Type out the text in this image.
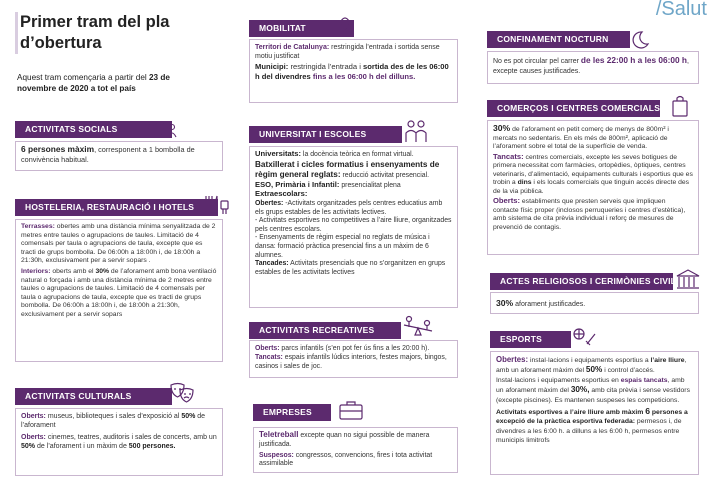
/Salut
Primer tram del pla d’obertura
Aquest tram començaria a partir del 23 de novembre de 2020 a tot el país
ACTIVITATS SOCIALS
6 persones màxim, corresponent a 1 bombolla de convivència habitual.
HOSTELERIA, RESTAURACIÓ I HOTELS
Terrasses: obertes amb una distància mínima senyalitzada de 2 metres entre taules o agrupacions de taules. Limitació de 4 comensals per taula o agrupacions de taula, excepte que es tracti de grups bombolla. De 06:00h a 18:00h i, de 18:00h a 21:30h, exclusivament per a servir sopars .
Interiors: oberts amb el 30% de l’aforament amb bona ventilació natural o forçada i amb una distància mínima de 2 metres entre taules o agrupacions de taules. Limitació de 4 comensals per taula o agrupacions de taula, excepte que es tracti de grups bombolla. De 06:00h a 18:00h i, de 18:00h a 21:30h, exclusivament per a servir sopars
ACTIVITATS CULTURALS
Oberts: museus, biblioteques i sales d’exposició al 50% de l’aforament
Oberts: cinemes, teatres, auditoris i sales de concerts, amb un 50% de l’aforament i un màxim de 500 persones.
MOBILITAT
Territori de Catalunya: restringida l’entrada i sortida sense motiu justificat
Municipi: restringida l’entrada i sortida des de les 06:00 h del divendres fins a les 06:00 h del dilluns.
UNIVERSITAT I ESCOLES
Universitats: la docència teòrica en format virtual.
Batxillerat i cicles formatius i ensenyaments de règim general reglats: reducció activitat presencial.
ESO, Primària i Infantil: presencialitat plena
Extraescolars:
Obertes: -Activitats organitzades pels centres educatius amb els grups estables de les activitats lectives.
- Activitats esportives no competitives a l’aire lliure, organitzades pels centres escolars.
- Ensenyaments de règim especial no reglats de música i dansa: formació pràctica presencial fins a un màxim de 6 alumnes.
Tancades: Activitats presencials que no s’organitzen en grups estables de les activitats lectives
ACTIVITATS RECREATIVES
Oberts: parcs infantils (s’en pot fer ús fins a les 20:00 h).
Tancats: espais infantils lúdics interiors, festes majors, bingos, casinos i sales de joc.
EMPRESES
Teletreball excepte quan no sigui possible de manera justificada.
Suspesos: congressos, convencions, fires i tota activitat assimilable
CONFINAMENT NOCTURN
No es pot circular pel carrer de les 22:00 h a les 06:00 h, excepte causes justificades.
COMERÇOS I CENTRES COMERCIALS
30% de l’aforament en petit comerç de menys de 800m² i mercats no sedentaris. En els més de 800m², aplicació de l’aforament sobre el total de la superfície de venda.
Tancats: centres comercials, excepte les seves botigues de primera necessitat com farmàcies, ortopèdies, òptiques, centres veterinaris, d’alimentació, equipaments culturals i esportius que es trobin a dins i els locals comercials que tinguin accés directe des de la via pública.
Oberts: establiments que presten serveis que impliquen contacte físic proper (inclosos perruqueries i centres d’estètica), amb sistema de cita prèvia individual i reforç de mesures de prevenció de contagis.
ACTES RELIGIOSOS I CERIMÒNIES CIVILS
30% aforament justificades.
ESPORTS
Obertes: instal·lacions i equipaments esportius a l’aire lliure, amb un aforament màxim del 50% i control d’accés. Instal·lacions i equipaments esportius en espais tancats, amb un aforament màxim del 30%, amb cita prèvia i sense vestidors (excepte piscines). Es mantenen suspeses les competicions.
Activitats esportives a l’aire lliure amb màxim 6 persones a excepció de la pràctica esportiva federada: permesos i, de divendres a les 6:00 h. a dilluns a les 6:00 h, permesos entre municipis limitrofs
